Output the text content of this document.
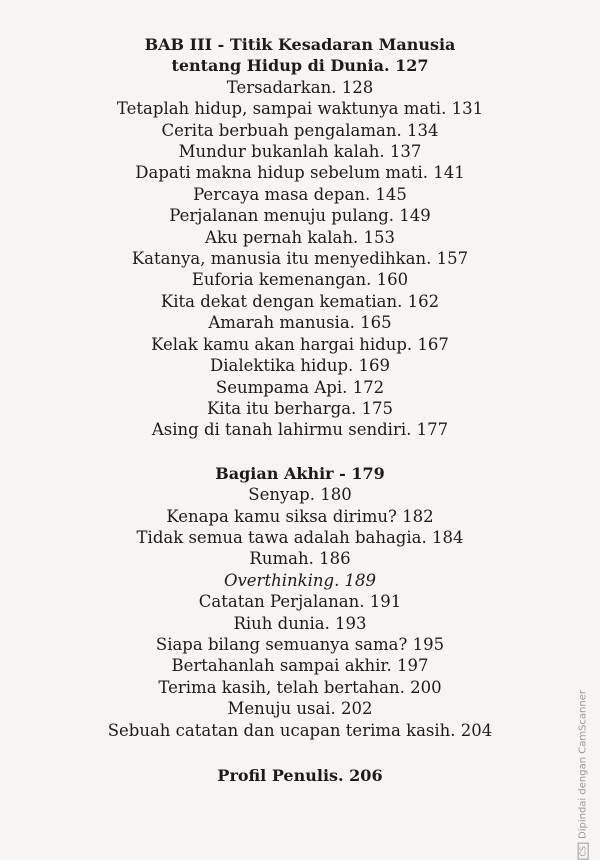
BAB III - Titik Kesadaran Manusia
tentang Hidup di Dunia. 127
Tersadarkan. 128
Tetaplah hidup, sampai waktunya mati. 131
Cerita berbuah pengalaman. 134
Mundur bukanlah kalah. 137
Dapati makna hidup sebelum mati. 141
Percaya masa depan. 145
Perjalanan menuju pulang. 149
Aku pernah kalah. 153
Katanya, manusia itu menyedihkan. 157
Euforia kemenangan. 160
Kita dekat dengan kematian. 162
Amarah manusia. 165
Kelak kamu akan hargai hidup. 167
Dialektika hidup. 169
Seumpama Api. 172
Kita itu berharga. 175
Asing di tanah lahirmu sendiri. 177
Bagian Akhir - 179
Senyap. 180
Kenapa kamu siksa dirimu? 182
Tidak semua tawa adalah bahagia. 184
Rumah. 186
Overthinking. 189
Catatan Perjalanan. 191
Riuh dunia. 193
Siapa bilang semuanya sama? 195
Bertahanlah sampai akhir. 197
Terima kasih, telah bertahan. 200
Menuju usai. 202
Sebuah catatan dan ucapan terima kasih. 204
Profil Penulis. 206
CSDipindai dengan CamScanner
